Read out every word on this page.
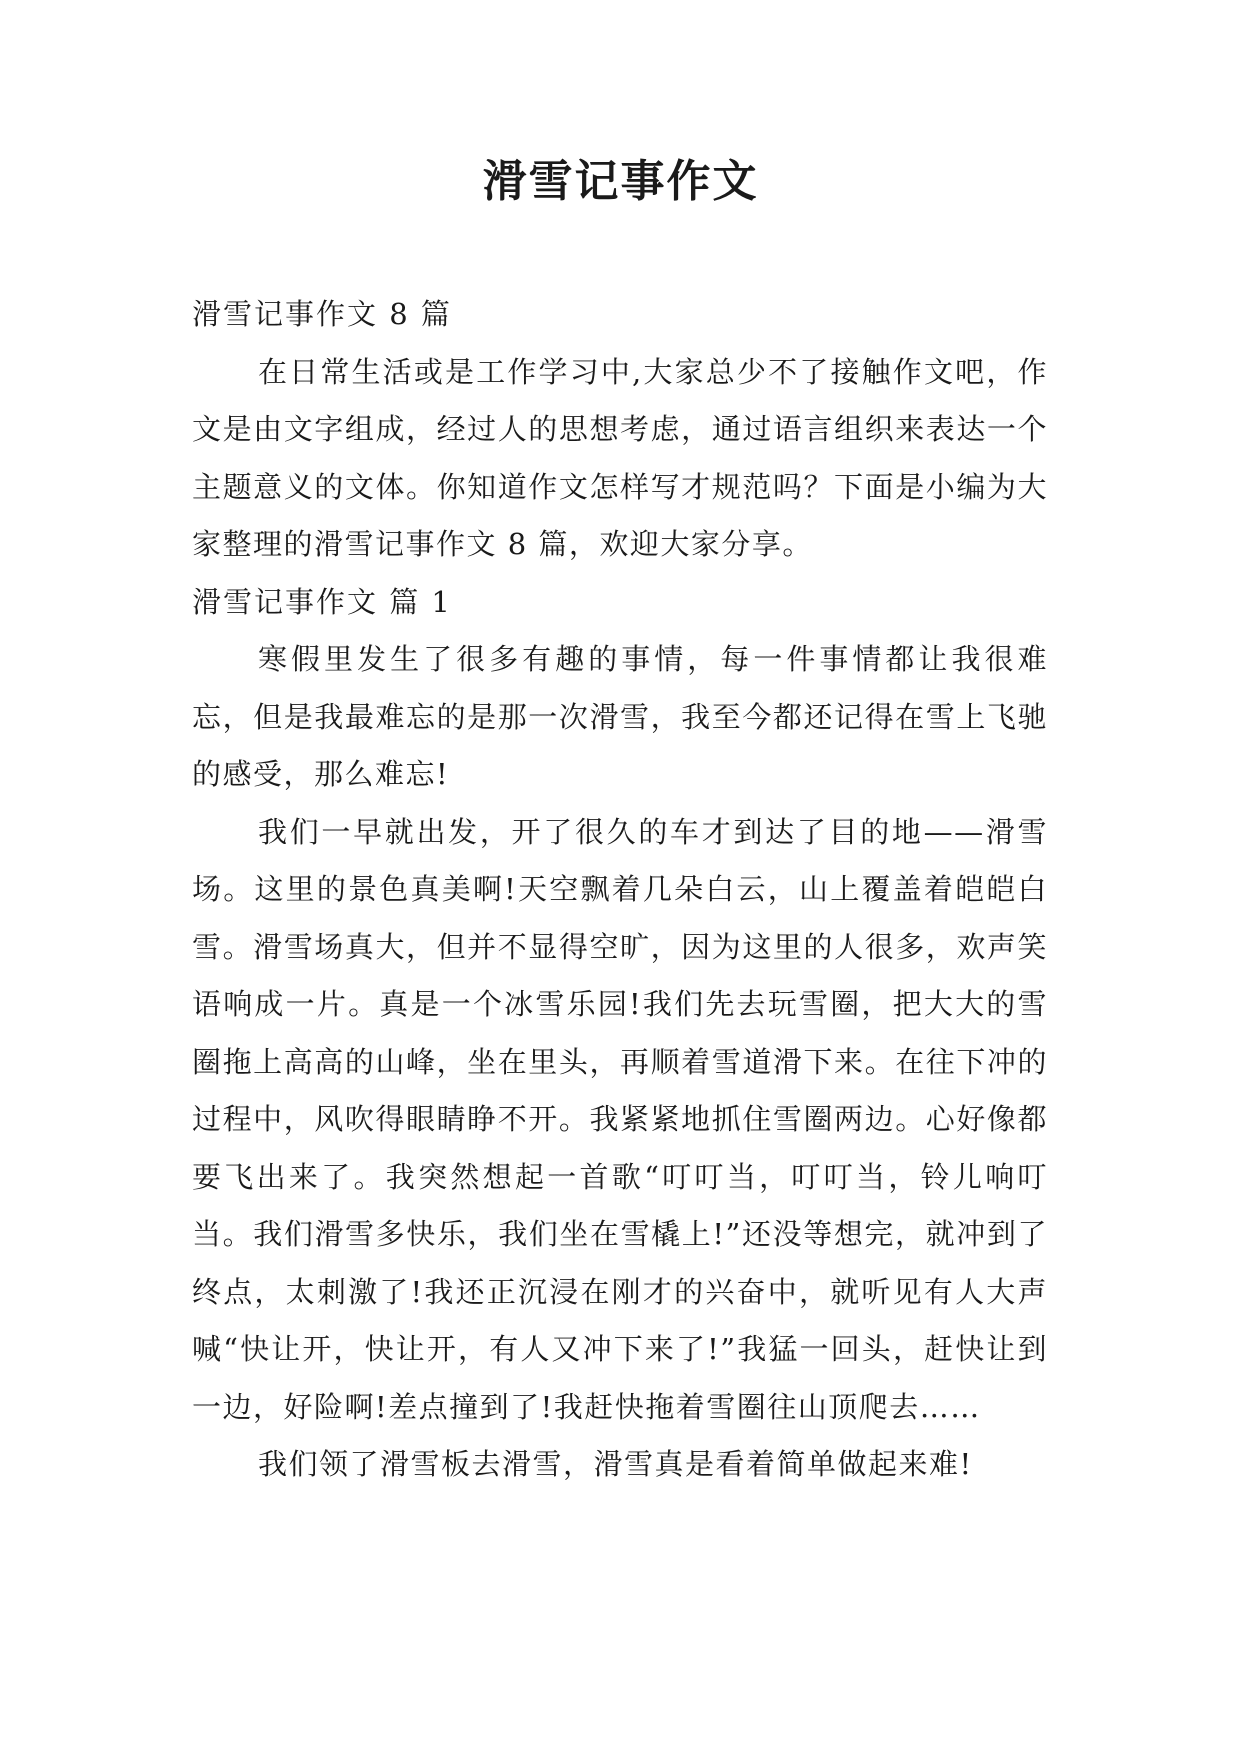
滑雪记事作文

滑雪记事作文 8 篇

在日常生活或是工作学习中,大家总少不了接触作文吧，作文是由文字组成，经过人的思想考虑，通过语言组织来表达一个主题意义的文体。你知道作文怎样写才规范吗？下面是小编为大家整理的滑雪记事作文 8 篇，欢迎大家分享。

滑雪记事作文 篇 1

寒假里发生了很多有趣的事情，每一件事情都让我很难忘，但是我最难忘的是那一次滑雪，我至今都还记得在雪上飞驰的感受，那么难忘!

我们一早就出发，开了很久的车才到达了目的地——滑雪场。这里的景色真美啊!天空飘着几朵白云，山上覆盖着皑皑白雪。滑雪场真大，但并不显得空旷，因为这里的人很多，欢声笑语响成一片。真是一个冰雪乐园!我们先去玩雪圈，把大大的雪圈拖上高高的山峰，坐在里头，再顺着雪道滑下来。在往下冲的过程中，风吹得眼睛睁不开。我紧紧地抓住雪圈两边。心好像都要飞出来了。我突然想起一首歌“叮叮当，叮叮当，铃儿响叮当。我们滑雪多快乐，我们坐在雪橇上!”还没等想完，就冲到了终点，太刺激了!我还正沉浸在刚才的兴奋中，就听见有人大声喊“快让开，快让开，有人又冲下来了!”我猛一回头，赶快让到一边，好险啊!差点撞到了!我赶快拖着雪圈往山顶爬去……

我们领了滑雪板去滑雪，滑雪真是看着简单做起来难!
